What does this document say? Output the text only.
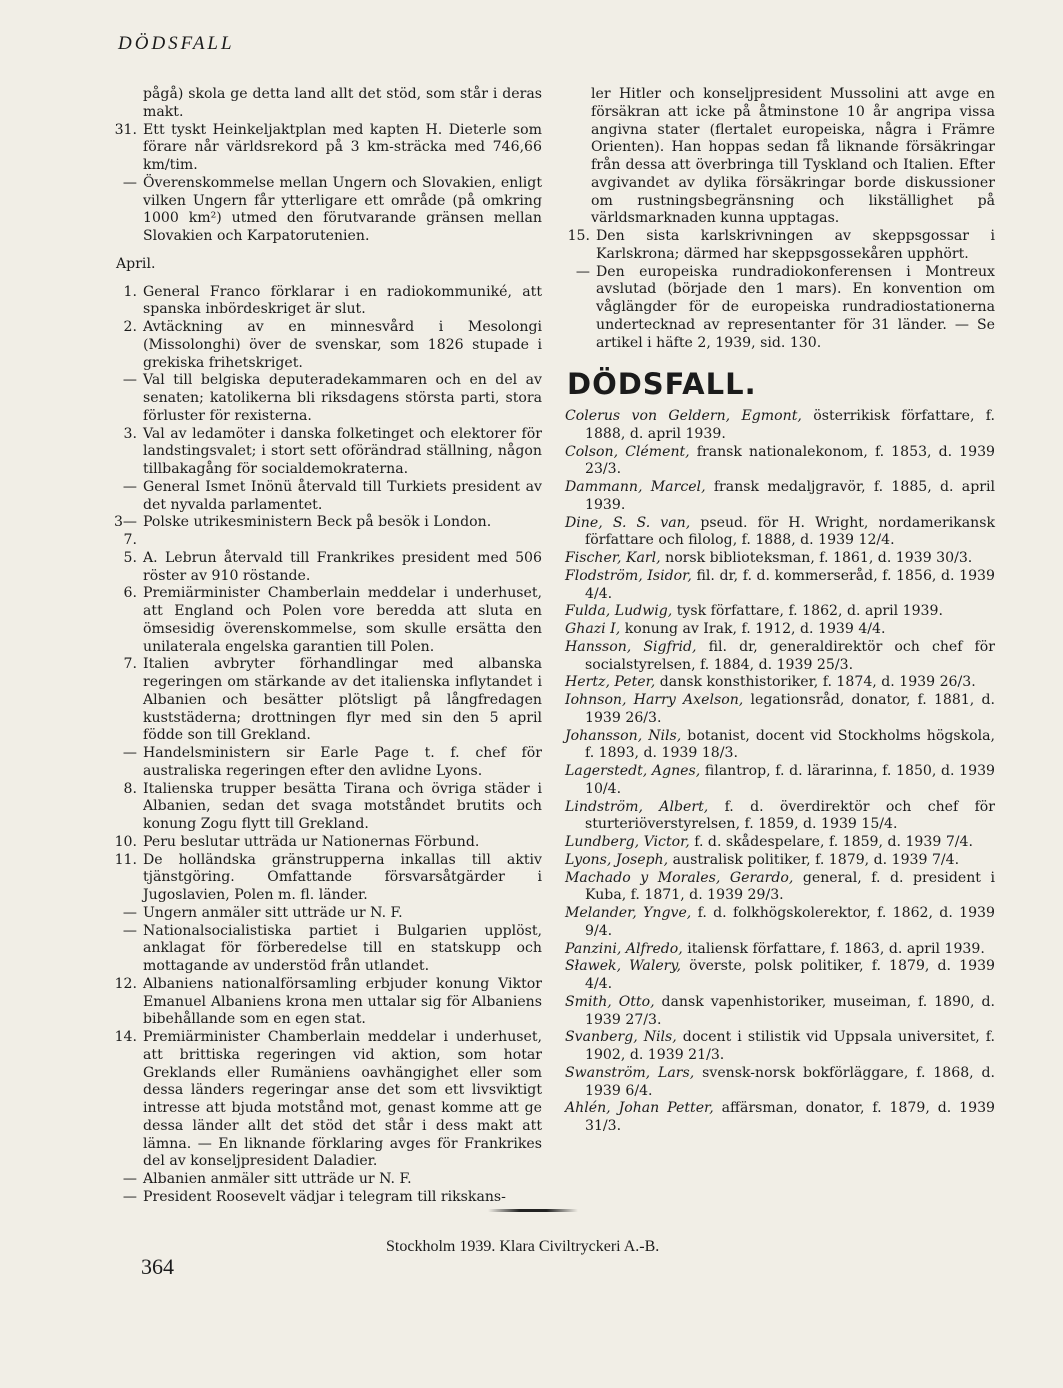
DÖDSFALL
pågå) skola ge detta land allt det stöd, som står i deras makt.
31. Ett tyskt Heinkeljaktplan med kapten H. Dieterle som förare når världsrekord på 3 km-sträcka med 746,66 km/tim.
— Överenskommelse mellan Ungern och Slovakien, enligt vilken Ungern får ytterligare ett område (på omkring 1000 km²) utmed den förutvarande gränsen mellan Slovakien och Karpatorutenien.
April.
1. General Franco förklarar i en radiokommuniké, att spanska inbördeskriget är slut.
2. Avtäckning av en minnesvård i Mesolongi (Missolonghi) över de svenskar, som 1826 stupade i grekiska frihetskriget.
— Val till belgiska deputeradekammaren och en del av senaten; katolikerna bli riksdagens största parti, stora förluster för rexisterna.
3. Val av ledamöter i danska folketinget och elektorer för landstingsvalet; i stort sett oförändrad ställning, någon tillbakagång för socialdemokraterna.
— General Ismet Inönü återvald till Turkiets president av det nyvalda parlamentet.
3—7.
Polske utrikesministern Beck på besök i London.
5. A. Lebrun återvald till Frankrikes president med 506 röster av 910 röstande.
6. Premiärminister Chamberlain meddelar i underhuset, att England och Polen vore beredda att sluta en ömsesidig överenskommelse, som skulle ersätta den unilaterala engelska garantien till Polen.
7. Italien avbryter förhandlingar med albanska regeringen om stärkande av det italienska inflytandet i Albanien och besätter plötsligt på långfredagen kuststäderna; drottningen flyr med sin den 5 april födde son till Grekland.
— Handelsministern sir Earle Page t. f. chef för australiska regeringen efter den avlidne Lyons.
8. Italienska trupper besätta Tirana och övriga städer i Albanien, sedan det svaga motståndet brutits och konung Zogu flytt till Grekland.
10. Peru beslutar utträda ur Nationernas Förbund.
11. De holländska gränstrupperna inkallas till aktiv tjänstgöring. Omfattande försvarsåtgärder i Jugoslavien, Polen m. fl. länder.
— Ungern anmäler sitt utträde ur N. F.
— Nationalsocialistiska partiet i Bulgarien upplöst, anklagat för förberedelse till en statskupp och mottagande av understöd från utlandet.
12. Albaniens nationalförsamling erbjuder konung Viktor Emanuel Albaniens krona men uttalar sig för Albaniens bibehållande som en egen stat.
14. Premiärminister Chamberlain meddelar i underhuset, att brittiska regeringen vid aktion, som hotar Greklands eller Rumäniens oavhängighet eller som dessa länders regeringar anse det som ett livsviktigt intresse att bjuda motstånd mot, genast komme att ge dessa länder allt det stöd det står i dess makt att lämna. — En liknande förklaring avges för Frankrikes del av konseljpresident Daladier.
— Albanien anmäler sitt utträde ur N. F.
— President Roosevelt vädjar i telegram till rikskans-

ler Hitler och konseljpresident Mussolini att avge en försäkran att icke på åtminstone 10 år angripa vissa angivna stater (flertalet europeiska, några i Främre Orienten). Han hoppas sedan få liknande försäkringar från dessa att överbringa till Tyskland och Italien. Efter avgivandet av dylika försäkringar borde diskussioner om rustningsbegränsning och likställighet på världsmarknaden kunna upptagas.

15. Den sista karlskrivningen av skeppsgossar i Karlskrona; därmed har skeppsgossekåren upphört.
— Den europeiska rundradiokonferensen i Montreux avslutad (började den 1 mars). En konvention om våglängder för de europeiska rundradiostationerna undertecknad av representanter för 31 länder. — Se artikel i häfte 2, 1939, sid. 130.
DÖDSFALL.

Colerus von Geldern, Egmont, österrikisk författare, f. 1888, d. april 1939.

Colson, Clément, fransk nationalekonom, f. 1853, d. 1939 23/3.

Dammann, Marcel, fransk medaljgravör, f. 1885, d. april 1939.

Dine, S. S. van, pseud. för H. Wright, nordamerikansk författare och filolog, f. 1888, d. 1939 12/4.

Fischer, Karl, norsk biblioteksman, f. 1861, d. 1939 30/3.

Flodström, Isidor, fil. dr, f. d. kommerseråd, f. 1856, d. 1939 4/4.

Fulda, Ludwig, tysk författare, f. 1862, d. april 1939.

Ghazi I, konung av Irak, f. 1912, d. 1939 4/4.

Hansson, Sigfrid, fil. dr, generaldirektör och chef för socialstyrelsen, f. 1884, d. 1939 25/3.

Hertz, Peter, dansk konsthistoriker, f. 1874, d. 1939 26/3.

Iohnson, Harry Axelson, legationsråd, donator, f. 1881, d. 1939 26/3.

Johansson, Nils, botanist, docent vid Stockholms högskola, f. 1893, d. 1939 18/3.

Lagerstedt, Agnes, filantrop, f. d. lärarinna, f. 1850, d. 1939 10/4.

Lindström, Albert, f. d. överdirektör och chef för sturteriöverstyrelsen, f. 1859, d. 1939 15/4.

Lundberg, Victor, f. d. skådespelare, f. 1859, d. 1939 7/4.

Lyons, Joseph, australisk politiker, f. 1879, d. 1939 7/4.

Machado y Morales, Gerardo, general, f. d. president i Kuba, f. 1871, d. 1939 29/3.

Melander, Yngve, f. d. folkhögskolerektor, f. 1862, d. 1939 9/4.

Panzini, Alfredo, italiensk författare, f. 1863, d. april 1939.

Sławek, Walery, överste, polsk politiker, f. 1879, d. 1939 4/4.

Smith, Otto, dansk vapenhistoriker, museiman, f. 1890, d. 1939 27/3.

Svanberg, Nils, docent i stilistik vid Uppsala universitet, f. 1902, d. 1939 21/3.

Swanström, Lars, svensk-norsk bokförläggare, f. 1868, d. 1939 6/4.

Ahlén, Johan Petter, affärsman, donator, f. 1879, d. 1939 31/3.

Stockholm 1939. Klara Civiltryckeri A.-B.
364
